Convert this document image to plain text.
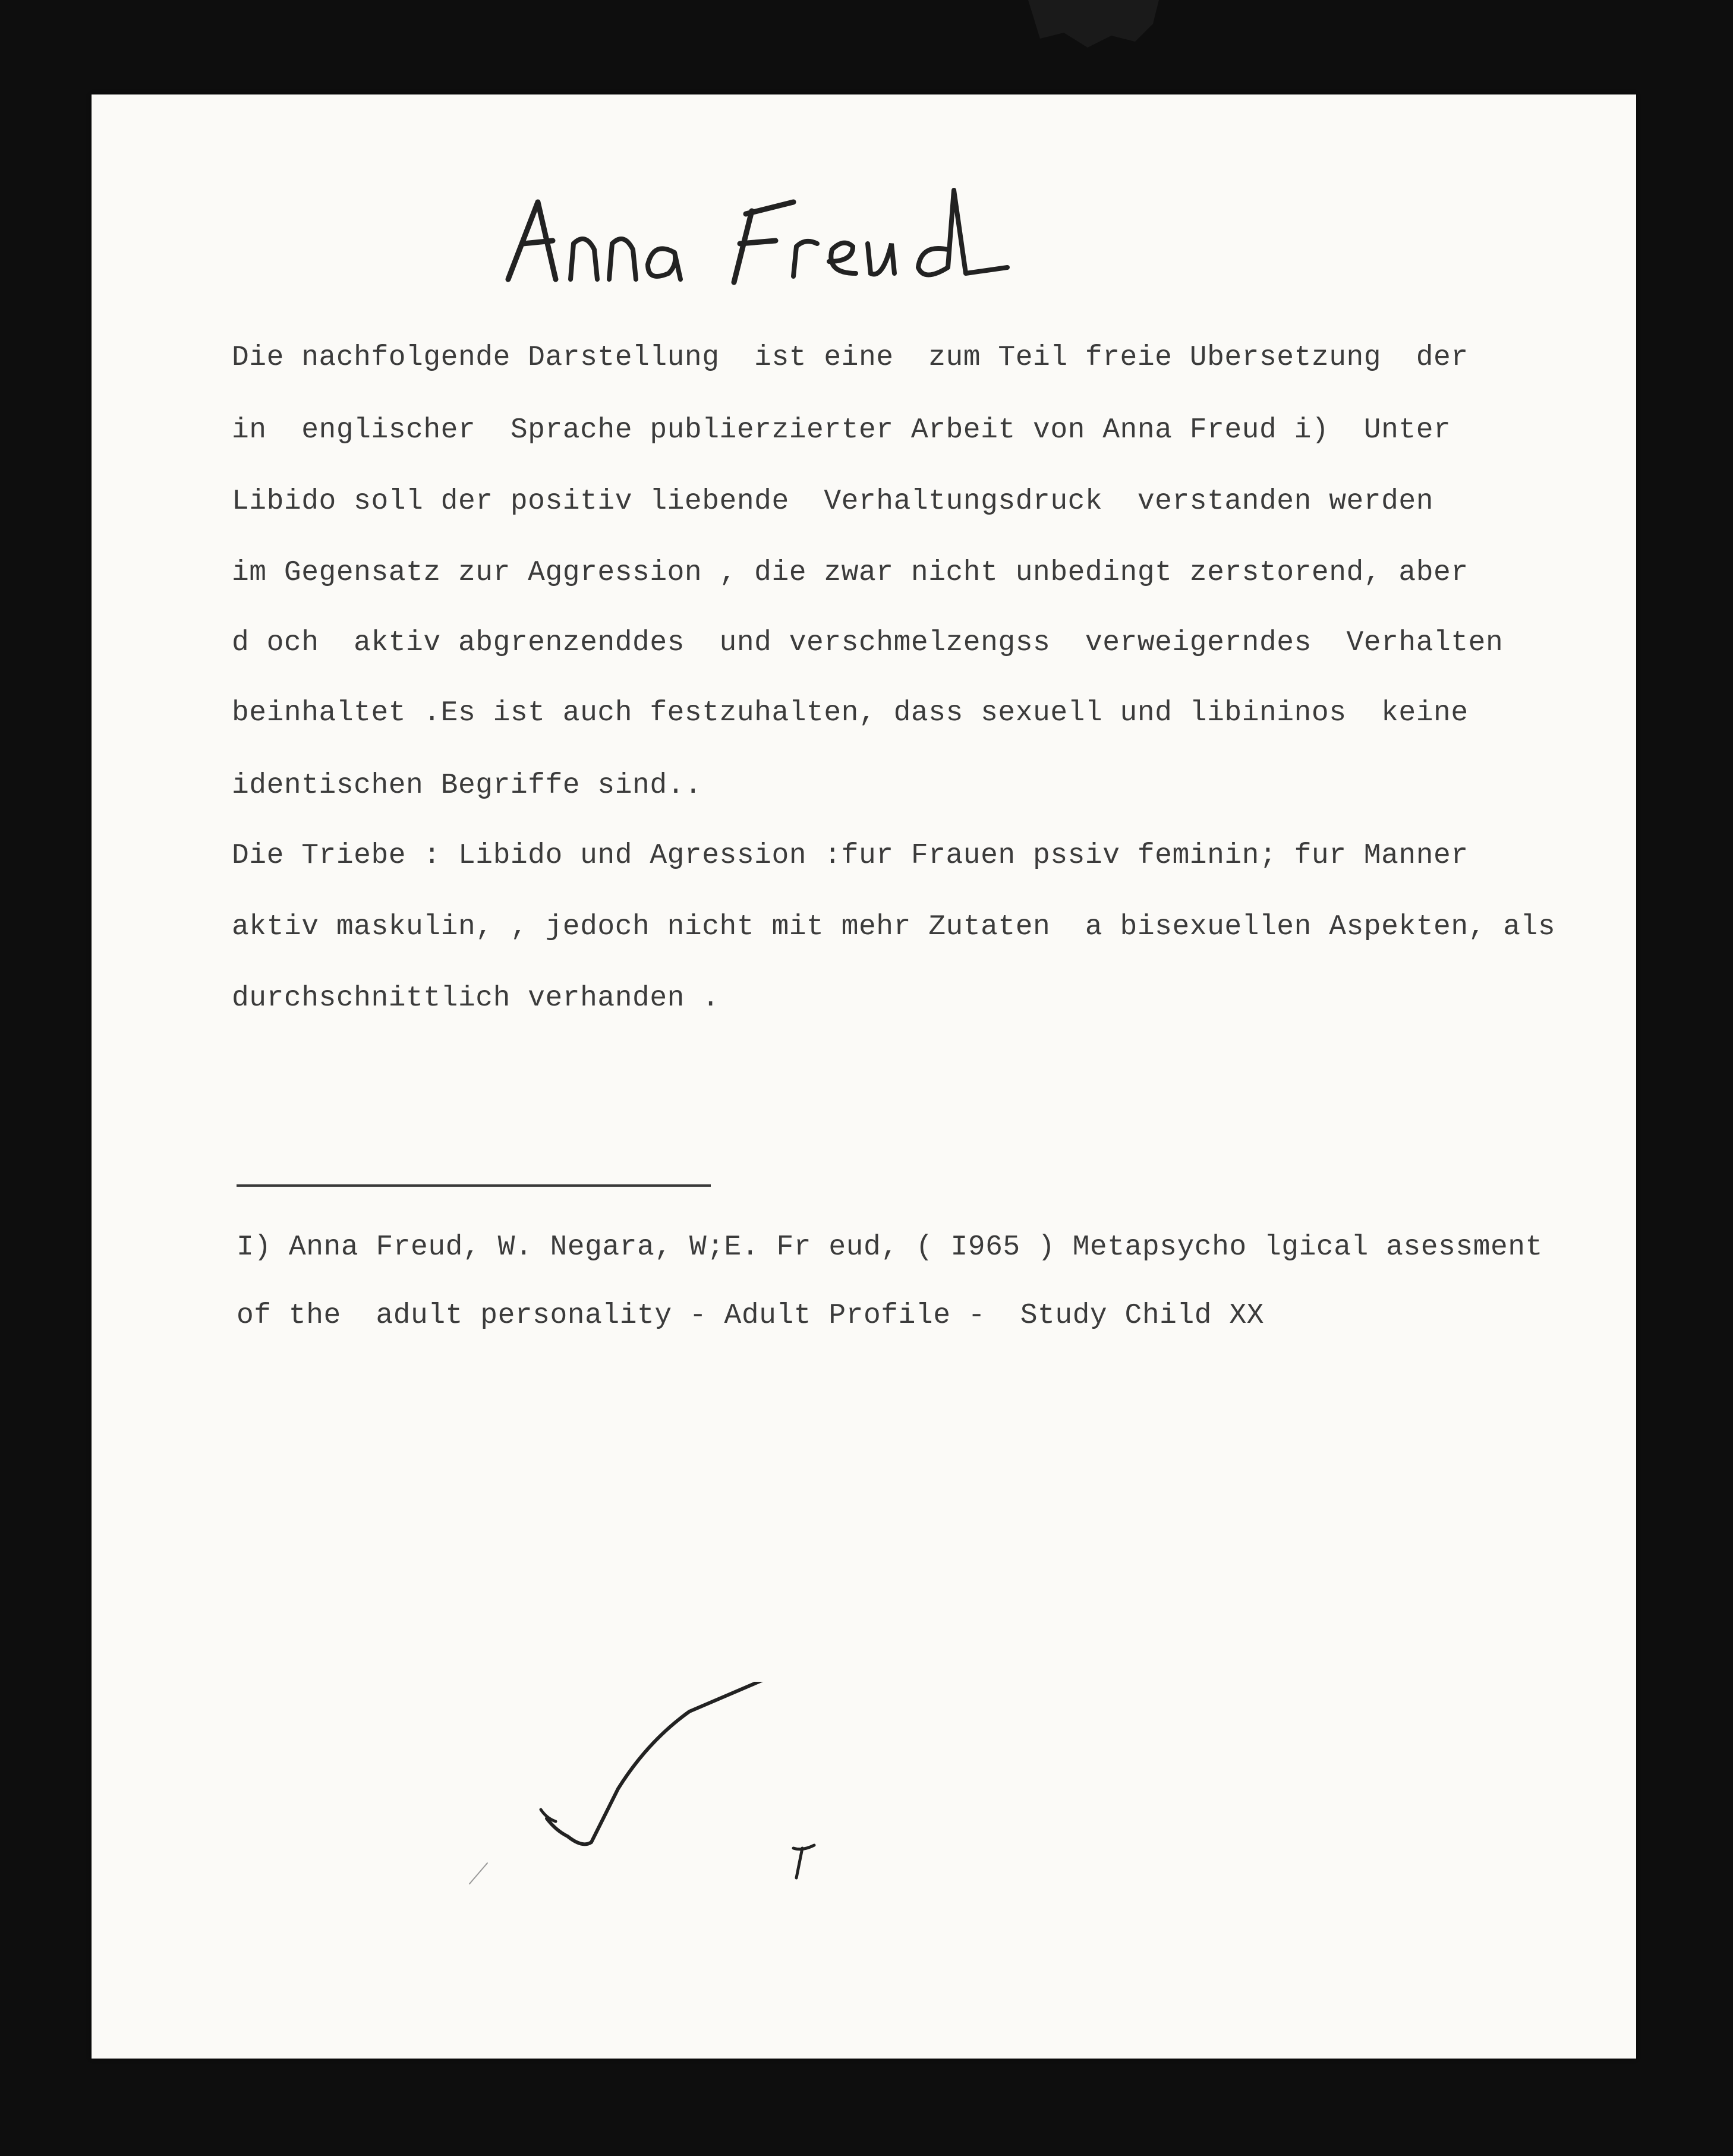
Die nachfolgende Darstellung  ist eine  zum Teil freie Ubersetzung  der
in  englischer  Sprache publierzierter Arbeit von Anna Freud i)  Unter
Libido soll der positiv liebende  Verhaltungsdruck  verstanden werden
im Gegensatz zur Aggression , die zwar nicht unbedingt zerstorend, aber
d och  aktiv abgrenzenddes  und verschmelzengss  verweigerndes  Verhalten
beinhaltet .Es ist auch festzuhalten, dass sexuell und libininos  keine
identischen Begriffe sind..
Die Triebe : Libido und Agression :fur Frauen pssiv feminin; fur Manner
aktiv maskulin, , jedoch nicht mit mehr Zutaten  a bisexuellen Aspekten, als
durchschnittlich verhanden .
I) Anna Freud, W. Negara, W;E. Fr eud, ( I965 ) Metapsycho lgical asessment
of the  adult personality - Adult Profile -  Study Child XX
